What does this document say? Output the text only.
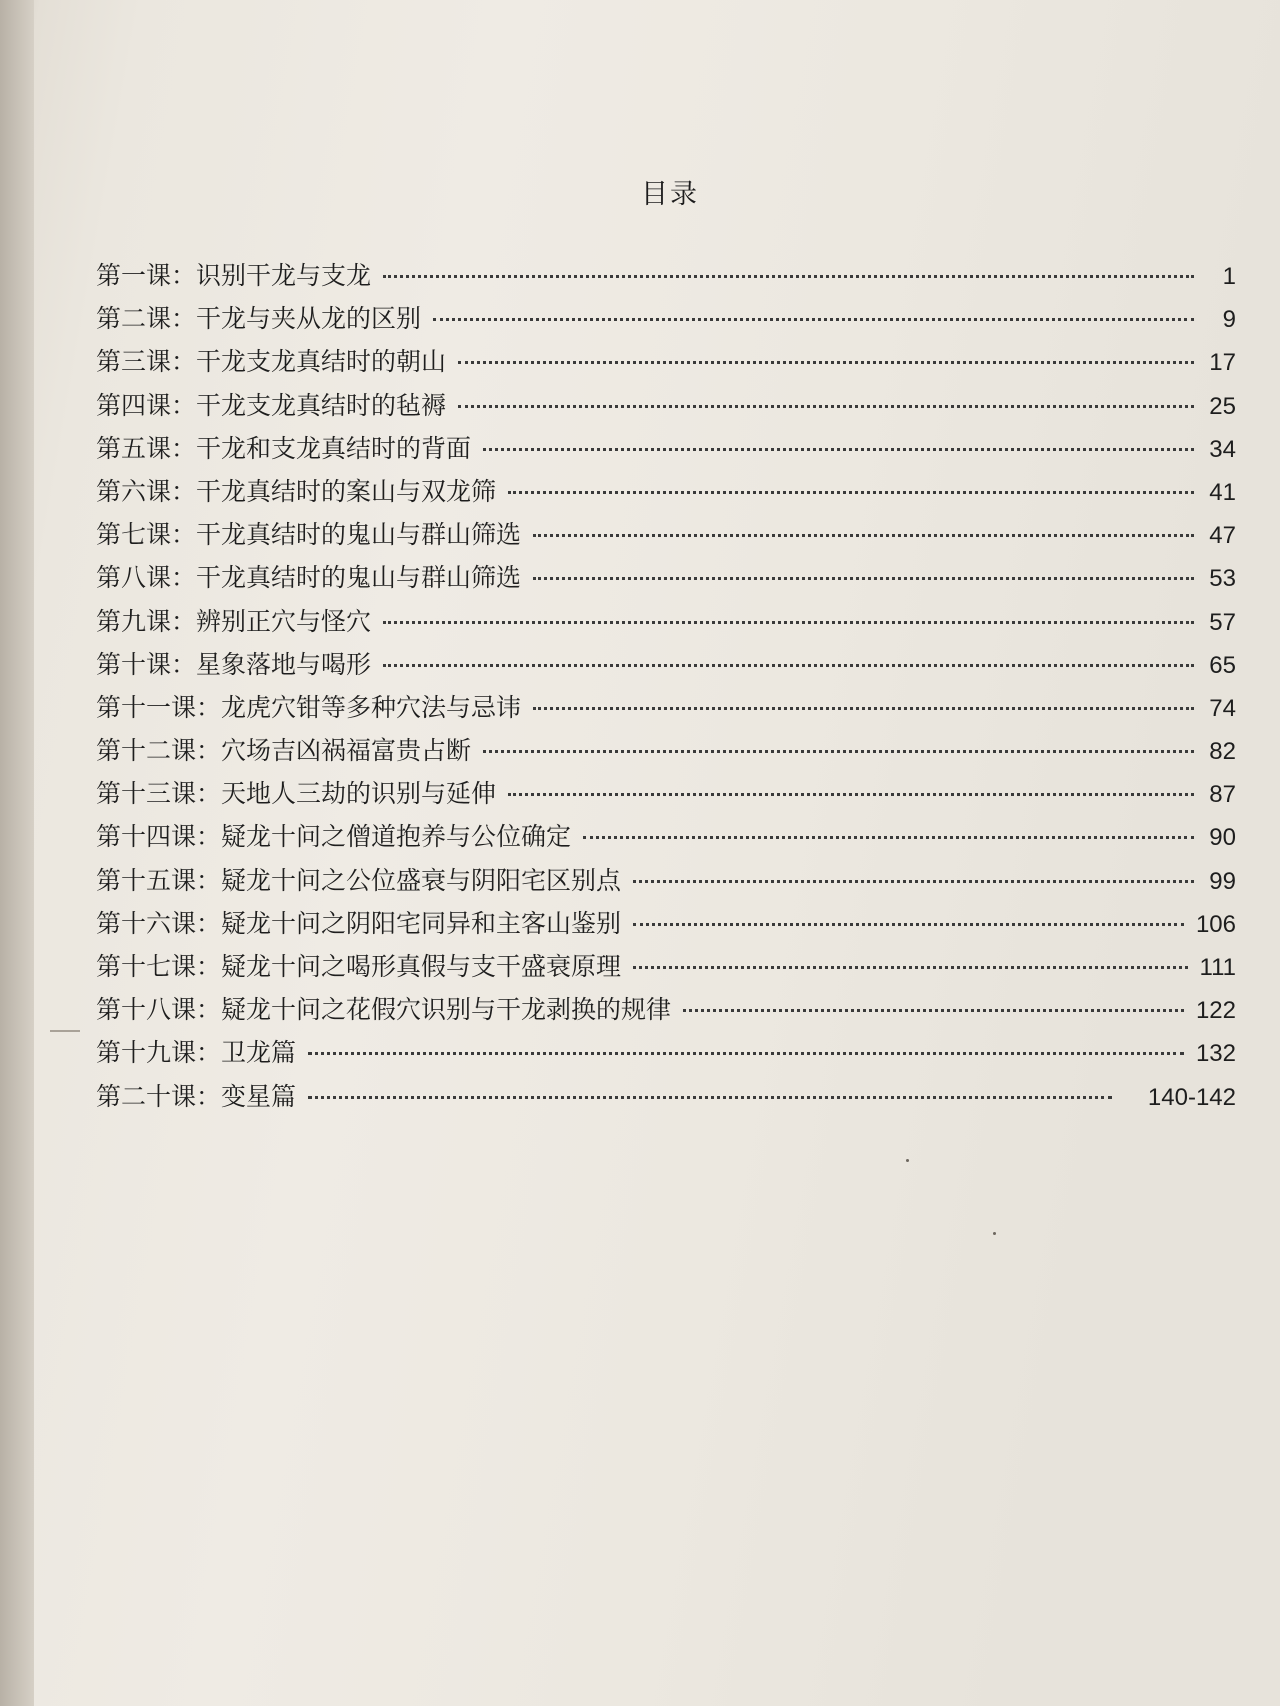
目录
第一课：识别干龙与支龙	1
第二课：干龙与夹从龙的区别	9
第三课：干龙支龙真结时的朝山	17
第四课：干龙支龙真结时的毡褥	25
第五课：干龙和支龙真结时的背面	34
第六课：干龙真结时的案山与双龙筛	41
第七课：干龙真结时的鬼山与群山筛选	47
第八课：干龙真结时的鬼山与群山筛选	53
第九课：辨别正穴与怪穴	57
第十课：星象落地与喝形	65
第十一课：龙虎穴钳等多种穴法与忌讳	74
第十二课：穴场吉凶祸福富贵占断	82
第十三课：天地人三劫的识别与延伸	87
第十四课：疑龙十问之僧道抱养与公位确定	90
第十五课：疑龙十问之公位盛衰与阴阳宅区别点	99
第十六课：疑龙十问之阴阳宅同异和主客山鉴别	106
第十七课：疑龙十问之喝形真假与支干盛衰原理	111
第十八课：疑龙十问之花假穴识别与干龙剥换的规律	122
第十九课：卫龙篇	132
第二十课：变星篇	140-142
